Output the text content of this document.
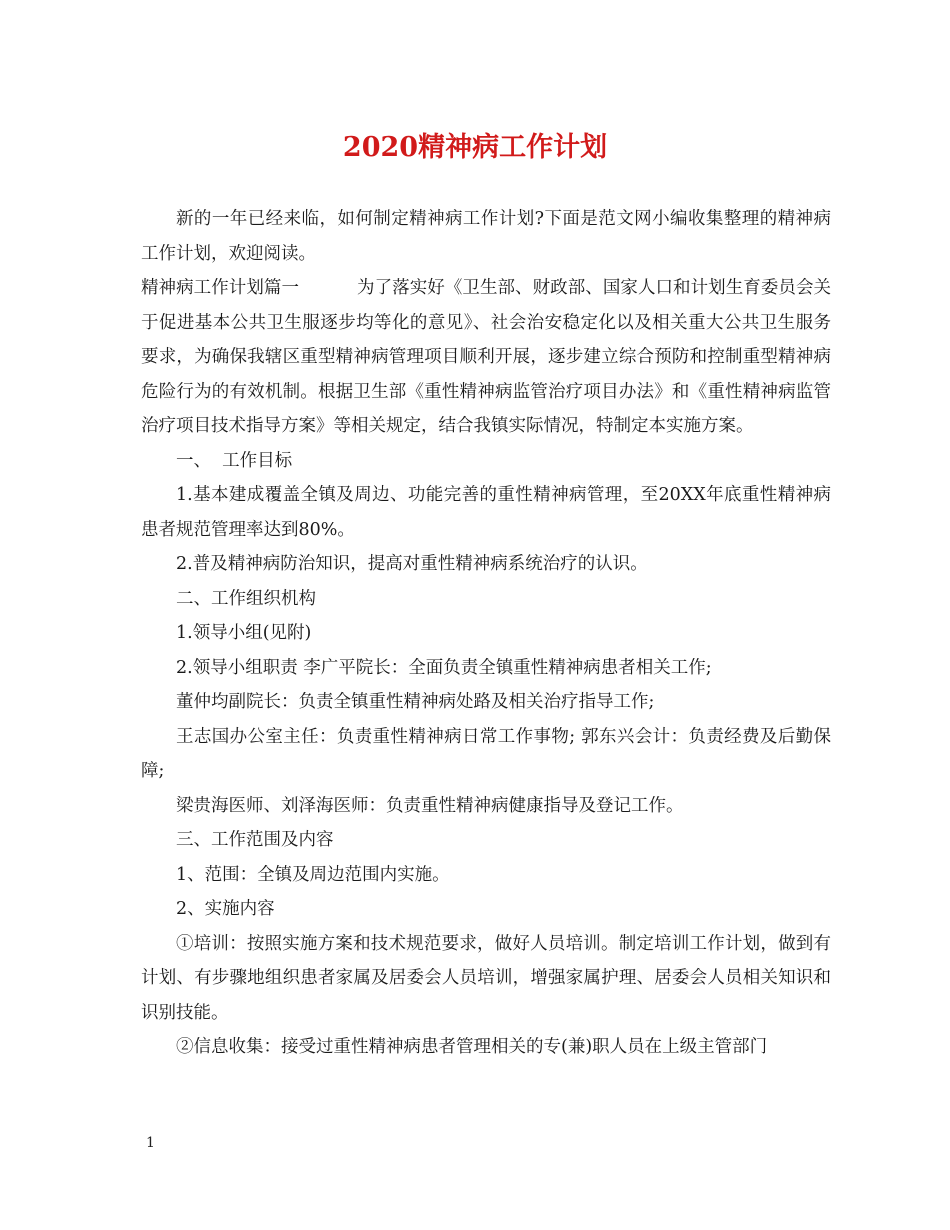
2020精神病工作计划

新的一年已经来临，如何制定精神病工作计划?下面是范文网小编收集整理的精神病工作计划，欢迎阅读。

精神病工作计划篇一	为了落实好《卫生部、财政部、国家人口和计划生育委员会关于促进基本公共卫生服逐步均等化的意见》、社会治安稳定化以及相关重大公共卫生服务要求，为确保我辖区重型精神病管理项目顺利开展，逐步建立综合预防和控制重型精神病危险行为的有效机制。根据卫生部《重性精神病监管治疗项目办法》和《重性精神病监管治疗项目技术指导方案》等相关规定，结合我镇实际情况，特制定本实施方案。

一、  工作目标

1.基本建成覆盖全镇及周边、功能完善的重性精神病管理，至20XX年底重性精神病患者规范管理率达到80%。

2.普及精神病防治知识，提高对重性精神病系统治疗的认识。

二、工作组织机构

1.领导小组(见附)

2.领导小组职责 李广平院长：全面负责全镇重性精神病患者相关工作;

董仲均副院长：负责全镇重性精神病处路及相关治疗指导工作;

王志国办公室主任：负责重性精神病日常工作事物; 郭东兴会计：负责经费及后勤保障;

梁贵海医师、刘泽海医师：负责重性精神病健康指导及登记工作。

三、工作范围及内容

1、范围：全镇及周边范围内实施。

2、实施内容

①培训：按照实施方案和技术规范要求，做好人员培训。制定培训工作计划，做到有计划、有步骤地组织患者家属及居委会人员培训，增强家属护理、居委会人员相关知识和识别技能。

②信息收集：接受过重性精神病患者管理相关的专(兼)职人员在上级主管部门

1
